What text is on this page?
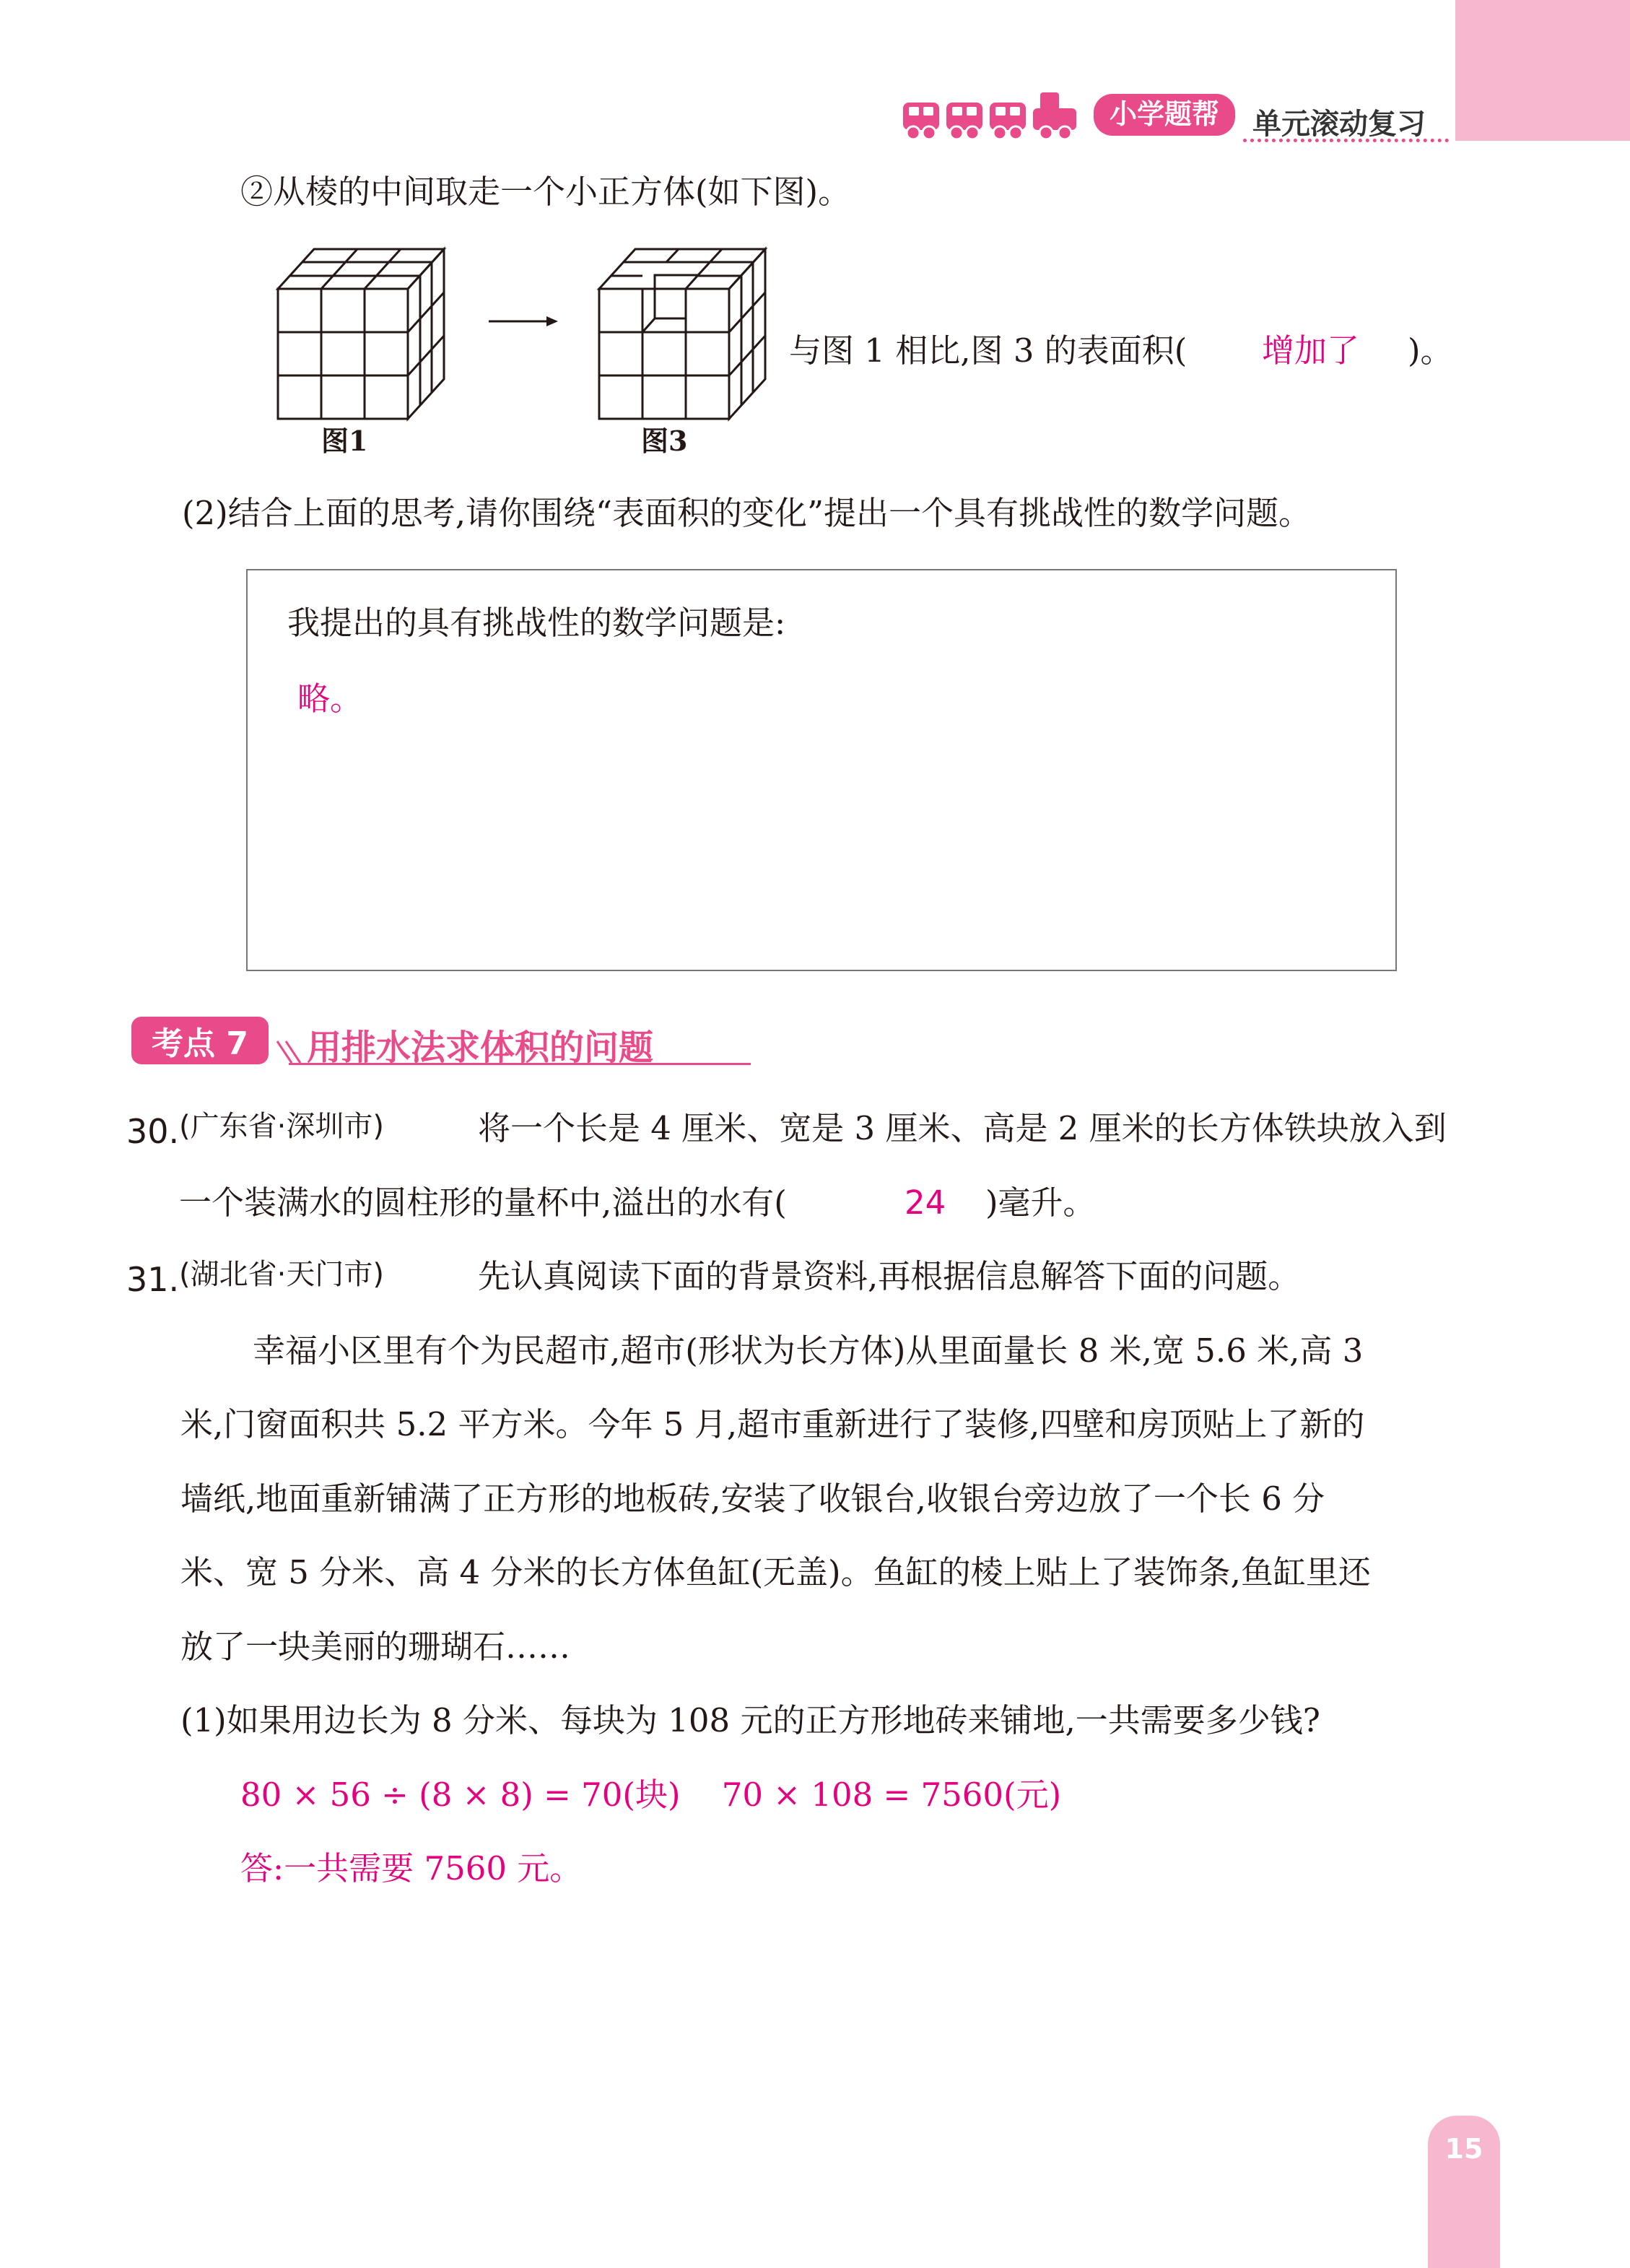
小学题帮	单元滚动复习
②从棱的中间取走一个小正方体(如下图)。
图1	图3
与图 1 相比,图 3 的表面积( 增加了 )。
(2)结合上面的思考,请你围绕“表面积的变化”提出一个具有挑战性的数学问题。
我提出的具有挑战性的数学问题是:
略。
考点 7	用排水法求体积的问题
30. (广东省·深圳市)	将一个长是 4 厘米、宽是 3 厘米、高是 2 厘米的长方体铁块放入到
一个装满水的圆柱形的量杯中,溢出的水有(	24 )毫升。
31. (湖北省·天门市)	先认真阅读下面的背景资料,再根据信息解答下面的问题。
幸福小区里有个为民超市,超市(形状为长方体)从里面量长 8 米,宽 5.6 米,高 3
米,门窗面积共 5.2 平方米。今年 5 月,超市重新进行了装修,四壁和房顶贴上了新的
墙纸,地面重新铺满了正方形的地板砖,安装了收银台,收银台旁边放了一个长 6 分
米、宽 5 分米、高 4 分米的长方体鱼缸(无盖)。鱼缸的棱上贴上了装饰条,鱼缸里还
放了一块美丽的珊瑚石……
(1)如果用边长为 8 分米、每块为 108 元的正方形地砖来铺地,一共需要多少钱?
80 × 56 ÷ (8 × 8) = 70(块)    70 × 108 = 7560(元)
答:一共需要 7560 元。
15
